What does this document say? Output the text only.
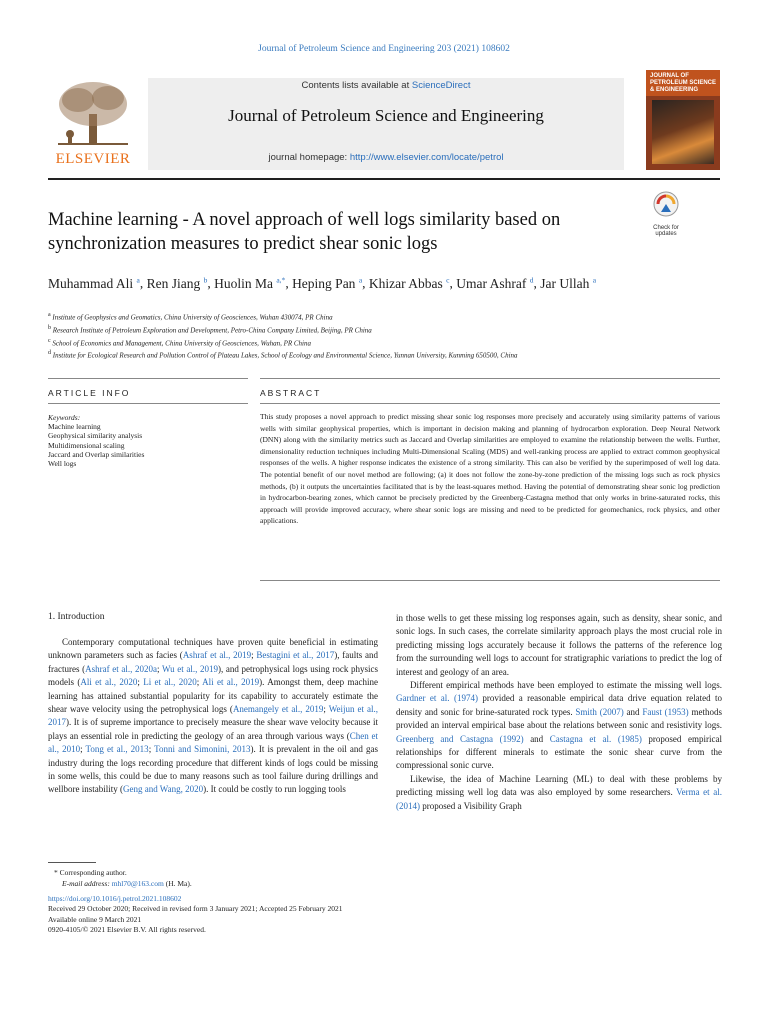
Journal of Petroleum Science and Engineering 203 (2021) 108602
ELSEVIER
Contents lists available at ScienceDirect
Journal of Petroleum Science and Engineering
journal homepage: http://www.elsevier.com/locate/petrol
JOURNAL OF PETROLEUM SCIENCE & ENGINEERING
Machine learning - A novel approach of well logs similarity based on synchronization measures to predict shear sonic logs
Check for
updates
Muhammad Ali $^a$, Ren Jiang $^b$, Huolin Ma $^{a,*}$, Heping Pan $^a$, Khizar Abbas $^c$, Umar Ashraf $^d$, Jar Ullah $^a$
$^a$ Institute of Geophysics and Geomatics, China University of Geosciences, Wuhan 430074, PR China
$^b$ Research Institute of Petroleum Exploration and Development, Petro-China Company Limited, Beijing, PR China
$^c$ School of Economics and Management, China University of Geosciences, Wuhan, PR China
$^d$ Institute for Ecological Research and Pollution Control of Plateau Lakes, School of Ecology and Environmental Science, Yunnan University, Kunming 650500, China
ARTICLE INFO	ABSTRACT
Keywords:
Machine learning
Geophysical similarity analysis
Multidimensional scaling
Jaccard and Overlap similarities
Well logs
This study proposes a novel approach to predict missing shear sonic log responses more precisely and accurately using similarity patterns of various wells with similar geophysical properties, which is important in decision making and planning of hydrocarbon exploration. Deep Neural Network (DNN) along with the similarity metrics such as Jaccard and Overlap similarities are employed to examine the relationship between the wells. Further, dimensionality reduction techniques including Multi-Dimensional Scaling (MDS) and well-ranking process are applied to extract common geophysical responses of the wells. A higher response indicates the existence of a strong similarity. This can also be verified by the superimposed of well log data. The potential benefit of our novel method are following; (a) it does not follow the zone-by-zone prediction of the missing logs such as rock physics methods, (b) it outputs the uncertainties facilitated that is by the least-squares method. Having the potential of demonstrating shear sonic log prediction in hydrocarbon-bearing zones, which cannot be precisely predicted by the Greenberg-Castagna method that only works in brine-saturated rocks, this approach will provide improved accuracy, where shear sonic logs are missing and need to be predicted for geomechanics, rock physics, and other applications.
1. Introduction

Contemporary computational techniques have proven quite beneficial in estimating unknown parameters such as facies (Ashraf et al., 2019; Bestagini et al., 2017), faults and fractures (Ashraf et al., 2020a; Wu et al., 2019), and petrophysical logs using rock physics models (Ali et al., 2020; Li et al., 2020; Ali et al., 2019). Amongst them, deep machine learning has attained substantial popularity for its capability to accurately estimate the shear wave velocity using the petrophysical logs (Anemangely et al., 2019; Weijun et al., 2017). It is of supreme importance to precisely measure the shear wave velocity because it plays an essential role in predicting the geology of an area through various ways (Chen et al., 2010; Tong et al., 2013; Tonni and Simonini, 2013). It is prevalent in the oil and gas industry during the logs recording procedure that different kinds of logs could be missing in some wells, this could be due to many reasons such as tool failure during drillings and wellbore instability (Geng and Wang, 2020). It could be costly to run logging tools

in those wells to get these missing log responses again, such as density, shear sonic, and sonic logs. In such cases, the correlate similarity approach plays the most crucial role in predicting missing logs accurately because it follows the patterns of the reference log from the surrounding well logs to account for stratigraphic variations to predict the log of interest and geology of an area.

Different empirical methods have been employed to estimate the missing well logs. Gardner et al. (1974) provided a reasonable empirical data drive equation related to density and sonic for brine-saturated rock types. Smith (2007) and Faust (1953) methods provided an interval empirical base about the relations between sonic and resistivity logs. Greenberg and Castagna (1992) and Castagna et al. (1985) proposed empirical relationships for different minerals to estimate the sonic shear curve from the compressional sonic curve.

Likewise, the idea of Machine Learning (ML) to deal with these problems by predicting missing well log data was also employed by some researchers. Verma et al. (2014) proposed a Visibility Graph

* Corresponding author.
E-mail address: mhl70@163.com (H. Ma).
https://doi.org/10.1016/j.petrol.2021.108602
Received 29 October 2020; Received in revised form 3 January 2021; Accepted 25 February 2021
Available online 9 March 2021
0920-4105/© 2021 Elsevier B.V. All rights reserved.
